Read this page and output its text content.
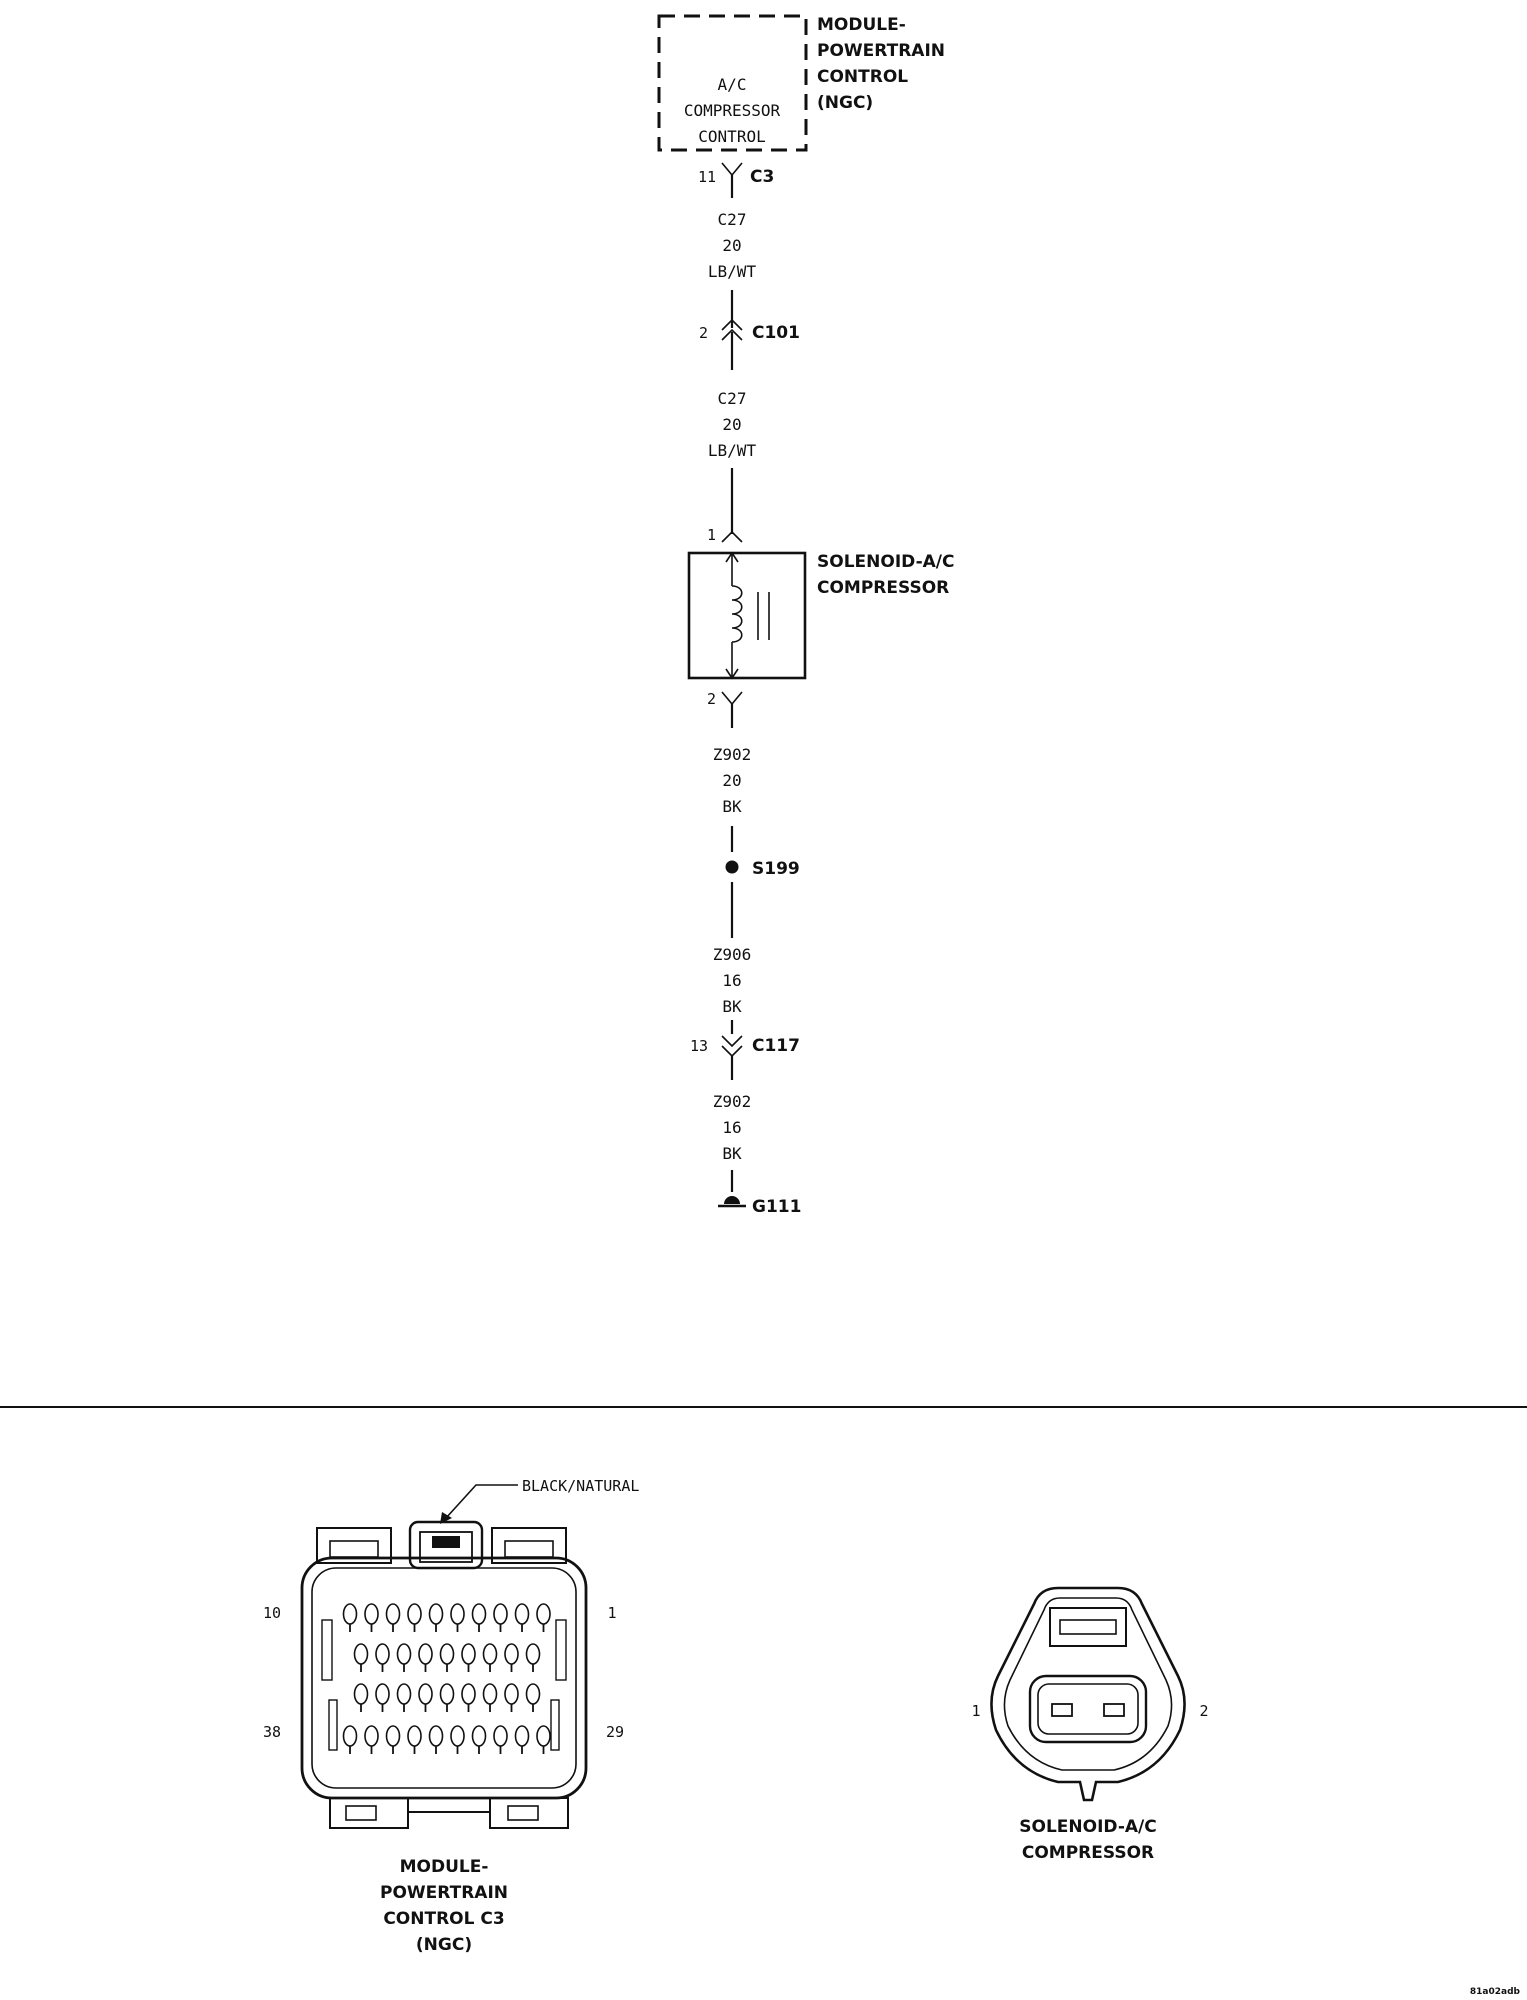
A/C
COMPRESSOR
CONTROL
MODULE-
POWERTRAIN
CONTROL
(NGC)
11 C3
C27
20
LB/WT
2	C101
C27
20
LB/WT
1
SOLENOID-A/C
COMPRESSOR
2
Z902
20
BK
S199
Z906
16
BK
13	C117
Z902
16
BK
G111
BLACK/NATURAL
10	1
38	29
MODULE-
POWERTRAIN
CONTROL C3
(NGC)
1	2
SOLENOID-A/C
COMPRESSOR
81a02adb
